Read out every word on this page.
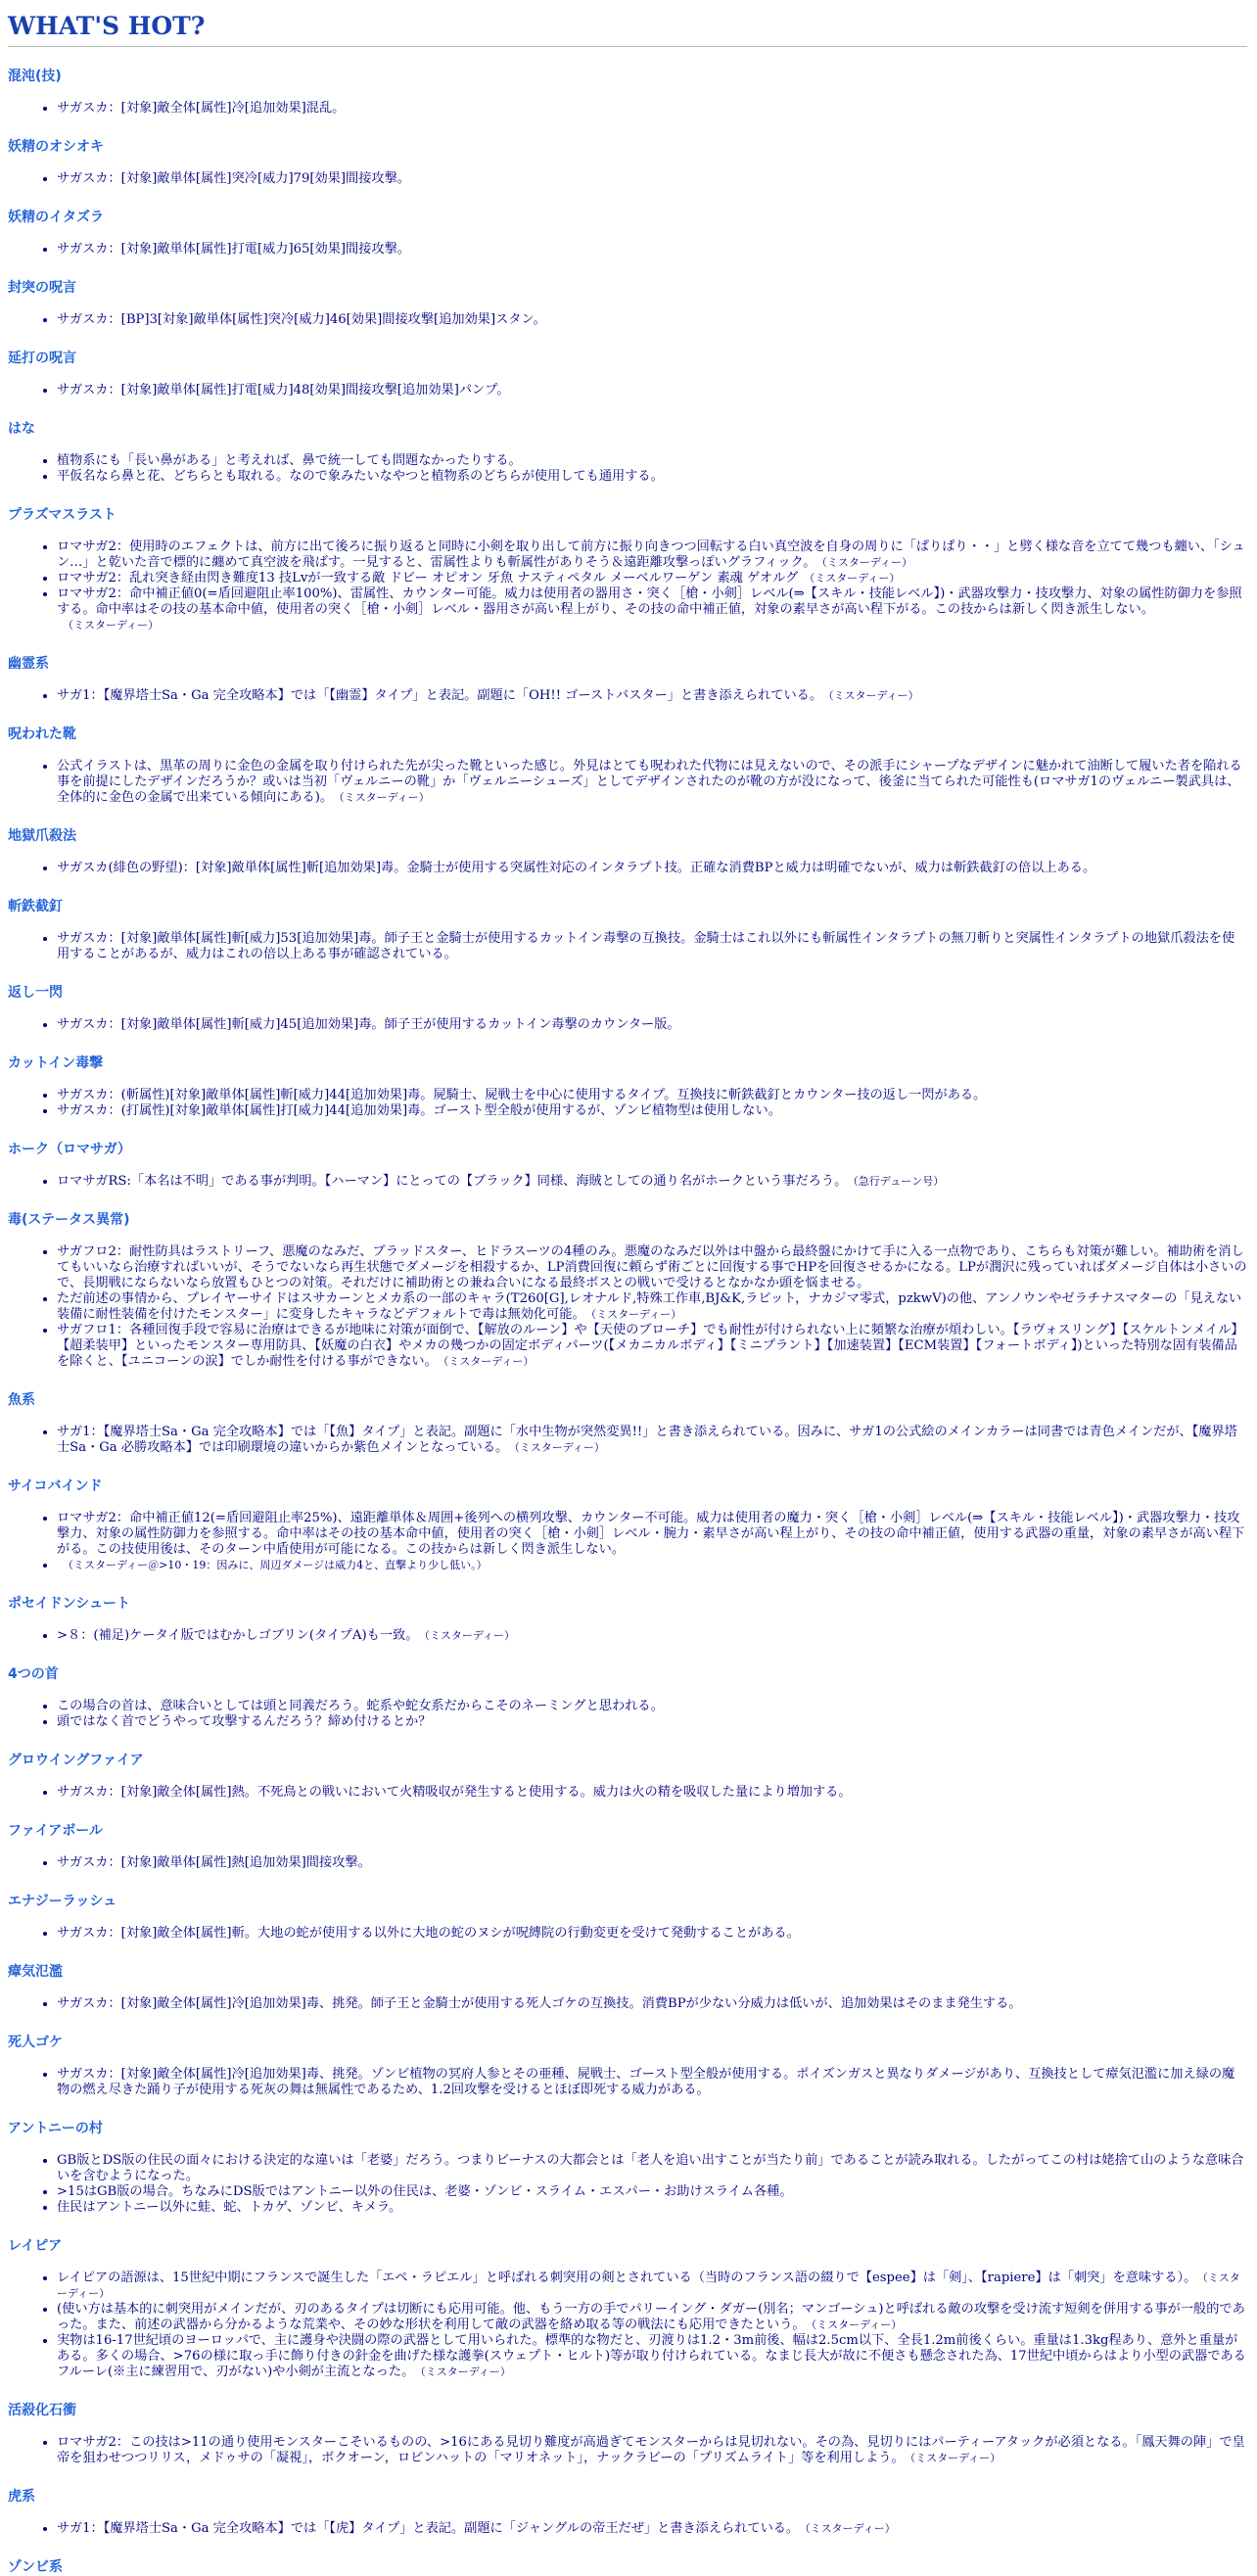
WHAT'S HOT?
混沌(技)
• サガスカ：[対象]敵全体[属性]冷[追加効果]混乱。
妖精のオシオキ
• サガスカ：[対象]敵単体[属性]突冷[威力]79[効果]間接攻撃。
妖精のイタズラ
• サガスカ：[対象]敵単体[属性]打電[威力]65[効果]間接攻撃。
封突の呪言
• サガスカ：[BP]3[対象]敵単体[属性]突冷[威力]46[効果]間接攻撃[追加効果]スタン。
延打の呪言
• サガスカ：[対象]敵単体[属性]打電[威力]48[効果]間接攻撃[追加効果]パンプ。
はな
• 植物系にも「長い鼻がある」と考えれば、鼻で統一しても問題なかったりする。
• 平仮名なら鼻と花、どちらとも取れる。なので象みたいなやつと植物系のどちらが使用しても通用する。
プラズマスラスト
• ロマサガ2：使用時のエフェクトは、前方に出て後ろに振り返ると同時に小剣を取り出して前方に振り向きつつ回転する白い真空波を自身の周りに「ぱりぱり・・」と劈く様な音を立てて幾つも纏い、「シュン…」と乾いた音で標的に纏めて真空波を飛ばす。一見すると、雷属性よりも斬属性がありそう＆遠距離攻撃っぽいグラフィック。 （ミスターディー）
• ロマサガ2：乱れ突き経由閃き難度13 技Lvが一致する敵 ドビー オピオン 牙魚 ナスティペタル メーベルワーゲン 素魂 ゲオルグ （ミスターディー）
• ロマサガ2：命中補正値0(=盾回避阻止率100%)、雷属性、カウンター可能。威力は使用者の器用さ・突く［槍・小剣］レベル(⇒【スキル・技能レベル】)・武器攻撃力・技攻撃力、対象の属性防御力を参照する。命中率はその技の基本命中値，使用者の突く［槍・小剣］レベル・器用さが高い程上がり、その技の命中補正値，対象の素早さが高い程下がる。この技からは新しく閃き派生しない。（ミスターディー）
幽霊系
• サガ1：【魔界塔士Sa・Ga 完全攻略本】では「【幽霊】タイプ」と表記。副題に「OH!! ゴーストバスター」と書き添えられている。 （ミスターディー）
呪われた靴
• 公式イラストは、黒革の周りに金色の金属を取り付けられた先が尖った靴といった感じ。外見はとても呪われた代物には見えないので、その派手にシャープなデザインに魅かれて油断して履いた者を陥れる事を前提にしたデザインだろうか？或いは当初「ヴェルニーの靴」か「ヴェルニーシューズ」としてデザインされたのが靴の方が没になって、後釜に当てられた可能性も(ロマサガ1のヴェルニー製武具は、全体的に金色の金属で出来ている傾向にある)。 （ミスターディー）
地獄爪殺法
• サガスカ(緋色の野望)：[対象]敵単体[属性]斬[追加効果]毒。金騎士が使用する突属性対応のインタラプト技。正確な消費BPと威力は明確でないが、威力は斬鉄截釘の倍以上ある。
斬鉄截釘
• サガスカ：[対象]敵単体[属性]斬[威力]53[追加効果]毒。師子王と金騎士が使用するカットイン毒撃の互換技。金騎士はこれ以外にも斬属性インタラプトの無刀斬りと突属性インタラプトの地獄爪殺法を使用することがあるが、威力はこれの倍以上ある事が確認されている。
返し一閃
• サガスカ：[対象]敵単体[属性]斬[威力]45[追加効果]毒。師子王が使用するカットイン毒撃のカウンター版。
カットイン毒撃
• サガスカ：(斬属性)[対象]敵単体[属性]斬[威力]44[追加効果]毒。屍騎士、屍戦士を中心に使用するタイプ。互換技に斬鉄截釘とカウンター技の返し一閃がある。
• サガスカ：(打属性)[対象]敵単体[属性]打[威力]44[追加効果]毒。ゴースト型全般が使用するが、ゾンビ植物型は使用しない。
ホーク（ロマサガ）
• ロマサガRS:「本名は不明」である事が判明。【ハーマン】にとっての【ブラック】同様、海賊としての通り名がホークという事だろう。 （急行デューン号）
毒(ステータス異常)
• サガフロ2：耐性防具はラストリーフ、悪魔のなみだ、ブラッドスター、ヒドラスーツの4種のみ。悪魔のなみだ以外は中盤から最終盤にかけて手に入る一点物であり、こちらも対策が難しい。補助術を消してもいいなら治療すればいいが、そうでないなら再生状態でダメージを相殺するか、LP消費回復に頼らず術ごとに回復する事でHPを回復させるかになる。LPが潤沢に残っていればダメージ自体は小さいので、長期戦にならないなら放置もひとつの対策。それだけに補助術との兼ね合いになる最終ボスとの戦いで受けるとなかなか頭を悩ませる。
• ただ前述の事情から、プレイヤーサイドはスサカーンとメカ系の一部のキャラ(T260[G],レオナルド,特殊工作車,BJ&K,ラビット，ナカジマ零式，pzkwV)の他、アンノウンやゼラチナスマターの「見えない装備に耐性装備を付けたモンスター」に変身したキャラなどデフォルトで毒は無効化可能。 （ミスターディー）
• サガフロ1：各種回復手段で容易に治療はできるが地味に対策が面倒で、【解放のルーン】や【天使のブローチ】でも耐性が付けられない上に頻繁な治療が煩わしい。【ラヴォスリング】【スケルトンメイル】【超柔装甲】といったモンスター専用防具、【妖魔の白衣】やメカの幾つかの固定ボディパーツ(【メカニカルボディ】【ミニプラント】【加速装置】【ECM装置】【フォートボディ】)といった特別な固有装備品を除くと、【ユニコーンの涙】でしか耐性を付ける事ができない。 （ミスターディー）
魚系
• サガ1：【魔界塔士Sa・Ga 完全攻略本】では「【魚】タイプ」と表記。副題に「水中生物が突然変異!!」と書き添えられている。因みに、サガ1の公式絵のメインカラーは同書では青色メインだが、【魔界塔士Sa・Ga 必勝攻略本】では印刷環境の違いからか紫色メインとなっている。 （ミスターディー）
サイコバインド
• ロマサガ2：命中補正値12(=盾回避阻止率25%)、遠距離単体＆周囲+後列への横列攻撃、カウンター不可能。威力は使用者の魔力・突く［槍・小剣］レベル(⇒【スキル・技能レベル】)・武器攻撃力・技攻撃力、対象の属性防御力を参照する。命中率はその技の基本命中値，使用者の突く［槍・小剣］レベル・腕力・素早さが高い程上がり、その技の命中補正値，使用する武器の重量，対象の素早さが高い程下がる。この技使用後は、そのターン中盾使用が可能になる。この技からは新しく閃き派生しない。
• （ミスターディー＠>10・19：因みに、周辺ダメージは威力4と、直撃より少し低い。）
ポセイドンシュート
• >８：(補足)ケータイ版ではむかしゴブリン(タイプA)も一致。 （ミスターディー）
4つの首
• この場合の首は、意味合いとしては頭と同義だろう。蛇系や蛇女系だからこそのネーミングと思われる。
• 頭ではなく首でどうやって攻撃するんだろう？締め付けるとか？
グロウイングファイア
• サガスカ：[対象]敵全体[属性]熱。不死鳥との戦いにおいて火精吸収が発生すると使用する。威力は火の精を吸収した量により増加する。
ファイアボール
• サガスカ：[対象]敵単体[属性]熱[追加効果]間接攻撃。
エナジーラッシュ
• サガスカ：[対象]敵全体[属性]斬。大地の蛇が使用する以外に大地の蛇のヌシが呪縛院の行動変更を受けて発動することがある。
瘴気氾濫
• サガスカ：[対象]敵全体[属性]冷[追加効果]毒、挑発。師子王と金騎士が使用する死人ゴケの互換技。消費BPが少ない分威力は低いが、追加効果はそのまま発生する。
死人ゴケ
• サガスカ：[対象]敵全体[属性]冷[追加効果]毒、挑発。ゾンビ植物の冥府人参とその亜種、屍戦士、ゴースト型全般が使用する。ポイズンガスと異なりダメージがあり、互換技として瘴気氾濫に加え緑の魔物の燃え尽きた踊り子が使用する死灰の舞は無属性であるため、1.2回攻撃を受けるとほぼ即死する威力がある。
アントニーの村
• GB版とDS版の住民の面々における決定的な違いは「老婆」だろう。つまりビーナスの大都会とは「老人を追い出すことが当たり前」であることが読み取れる。したがってこの村は姥捨て山のような意味合いを含むようになった。
• >15はGB版の場合。ちなみにDS版ではアントニー以外の住民は、老婆・ゾンビ・スライム・エスパー・お助けスライム各種。
• 住民はアントニー以外に蛙、蛇、トカゲ、ゾンビ、キメラ。
レイピア
• レイピアの語源は、15世紀中期にフランスで誕生した「エペ・ラピエル」と呼ばれる刺突用の剣とされている（当時のフランス語の綴りで【espee】は「剣」、【rapiere】は「刺突」を意味する）。 （ミスターディー）
• (使い方は基本的に刺突用がメインだが、刃のあるタイプは切断にも応用可能。他、もう一方の手でパリーイング・ダガー(別名；マンゴーシュ)と呼ばれる敵の攻撃を受け流す短剣を併用する事が一般的であった。また、前述の武器から分かるような荒業や、その妙な形状を利用して敵の武器を絡め取る等の戦法にも応用できたという。 （ミスターディー）
• 実物は16-17世紀頃のヨーロッパで、主に護身や決闘の際の武器として用いられた。標準的な物だと、刃渡りは1.2・3m前後、幅は2.5cm以下、全長1.2m前後くらい。重量は1.3kg程あり、意外と重量がある。多くの場合、>76の様に取っ手に飾り付きの針金を曲げた様な護拳(スウェプト・ヒルト)等が取り付けられている。なまじ長大が故に不便さも懸念された為、17世紀中頃からはより小型の武器であるフルーレ(※主に練習用で、刃がない)や小剣が主流となった。 （ミスターディー）
活殺化石衝
• ロマサガ2：この技は>11の通り使用モンスターこそいるものの、>16にある見切り難度が高過ぎてモンスターからは見切れない。その為、見切りにはパーティーアタックが必須となる。「鳳天舞の陣」で皇帝を狙わせつつリリス，メドゥサの「凝視」，ボクオーン，ロビンハットの「マリオネット」，ナックラビーの「プリズムライト」等を利用しよう。 （ミスターディー）
虎系
• サガ1：【魔界塔士Sa・Ga 完全攻略本】では「【虎】タイプ」と表記。副題に「ジャングルの帝王だぜ」と書き添えられている。 （ミスターディー）
ゾンビ系
